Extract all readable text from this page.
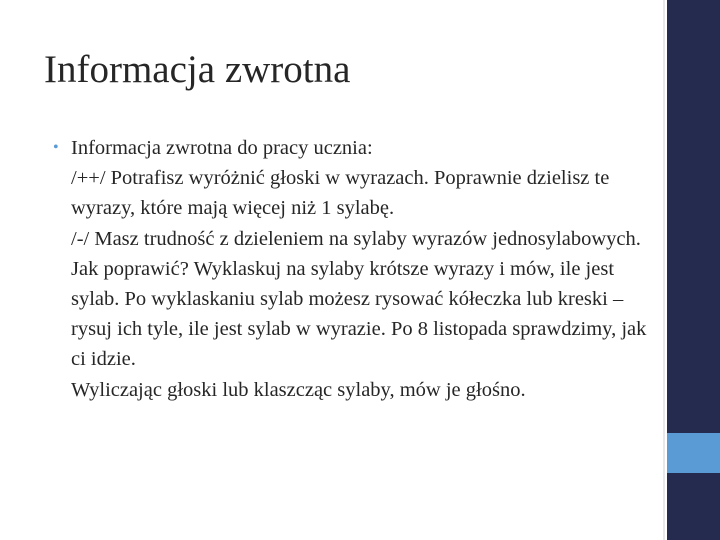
Informacja zwrotna
• Informacja zwrotna do pracy ucznia:
/++/ Potrafisz wyróżnić głoski w wyrazach. Poprawnie dzielisz te wyrazy, które mają więcej niż 1 sylabę.
/-/ Masz trudność z dzieleniem na sylaby wyrazów jednosylabowych.
Jak poprawić? Wyklaskuj na sylaby krótsze wyrazy i mów, ile jest sylab. Po wyklaskaniu sylab możesz rysować kółeczka lub kreski – rysuj ich tyle, ile jest sylab w wyrazie. Po 8 listopada sprawdzimy, jak ci idzie.
Wyliczając głoski lub klaszcząc sylaby, mów je głośno.
